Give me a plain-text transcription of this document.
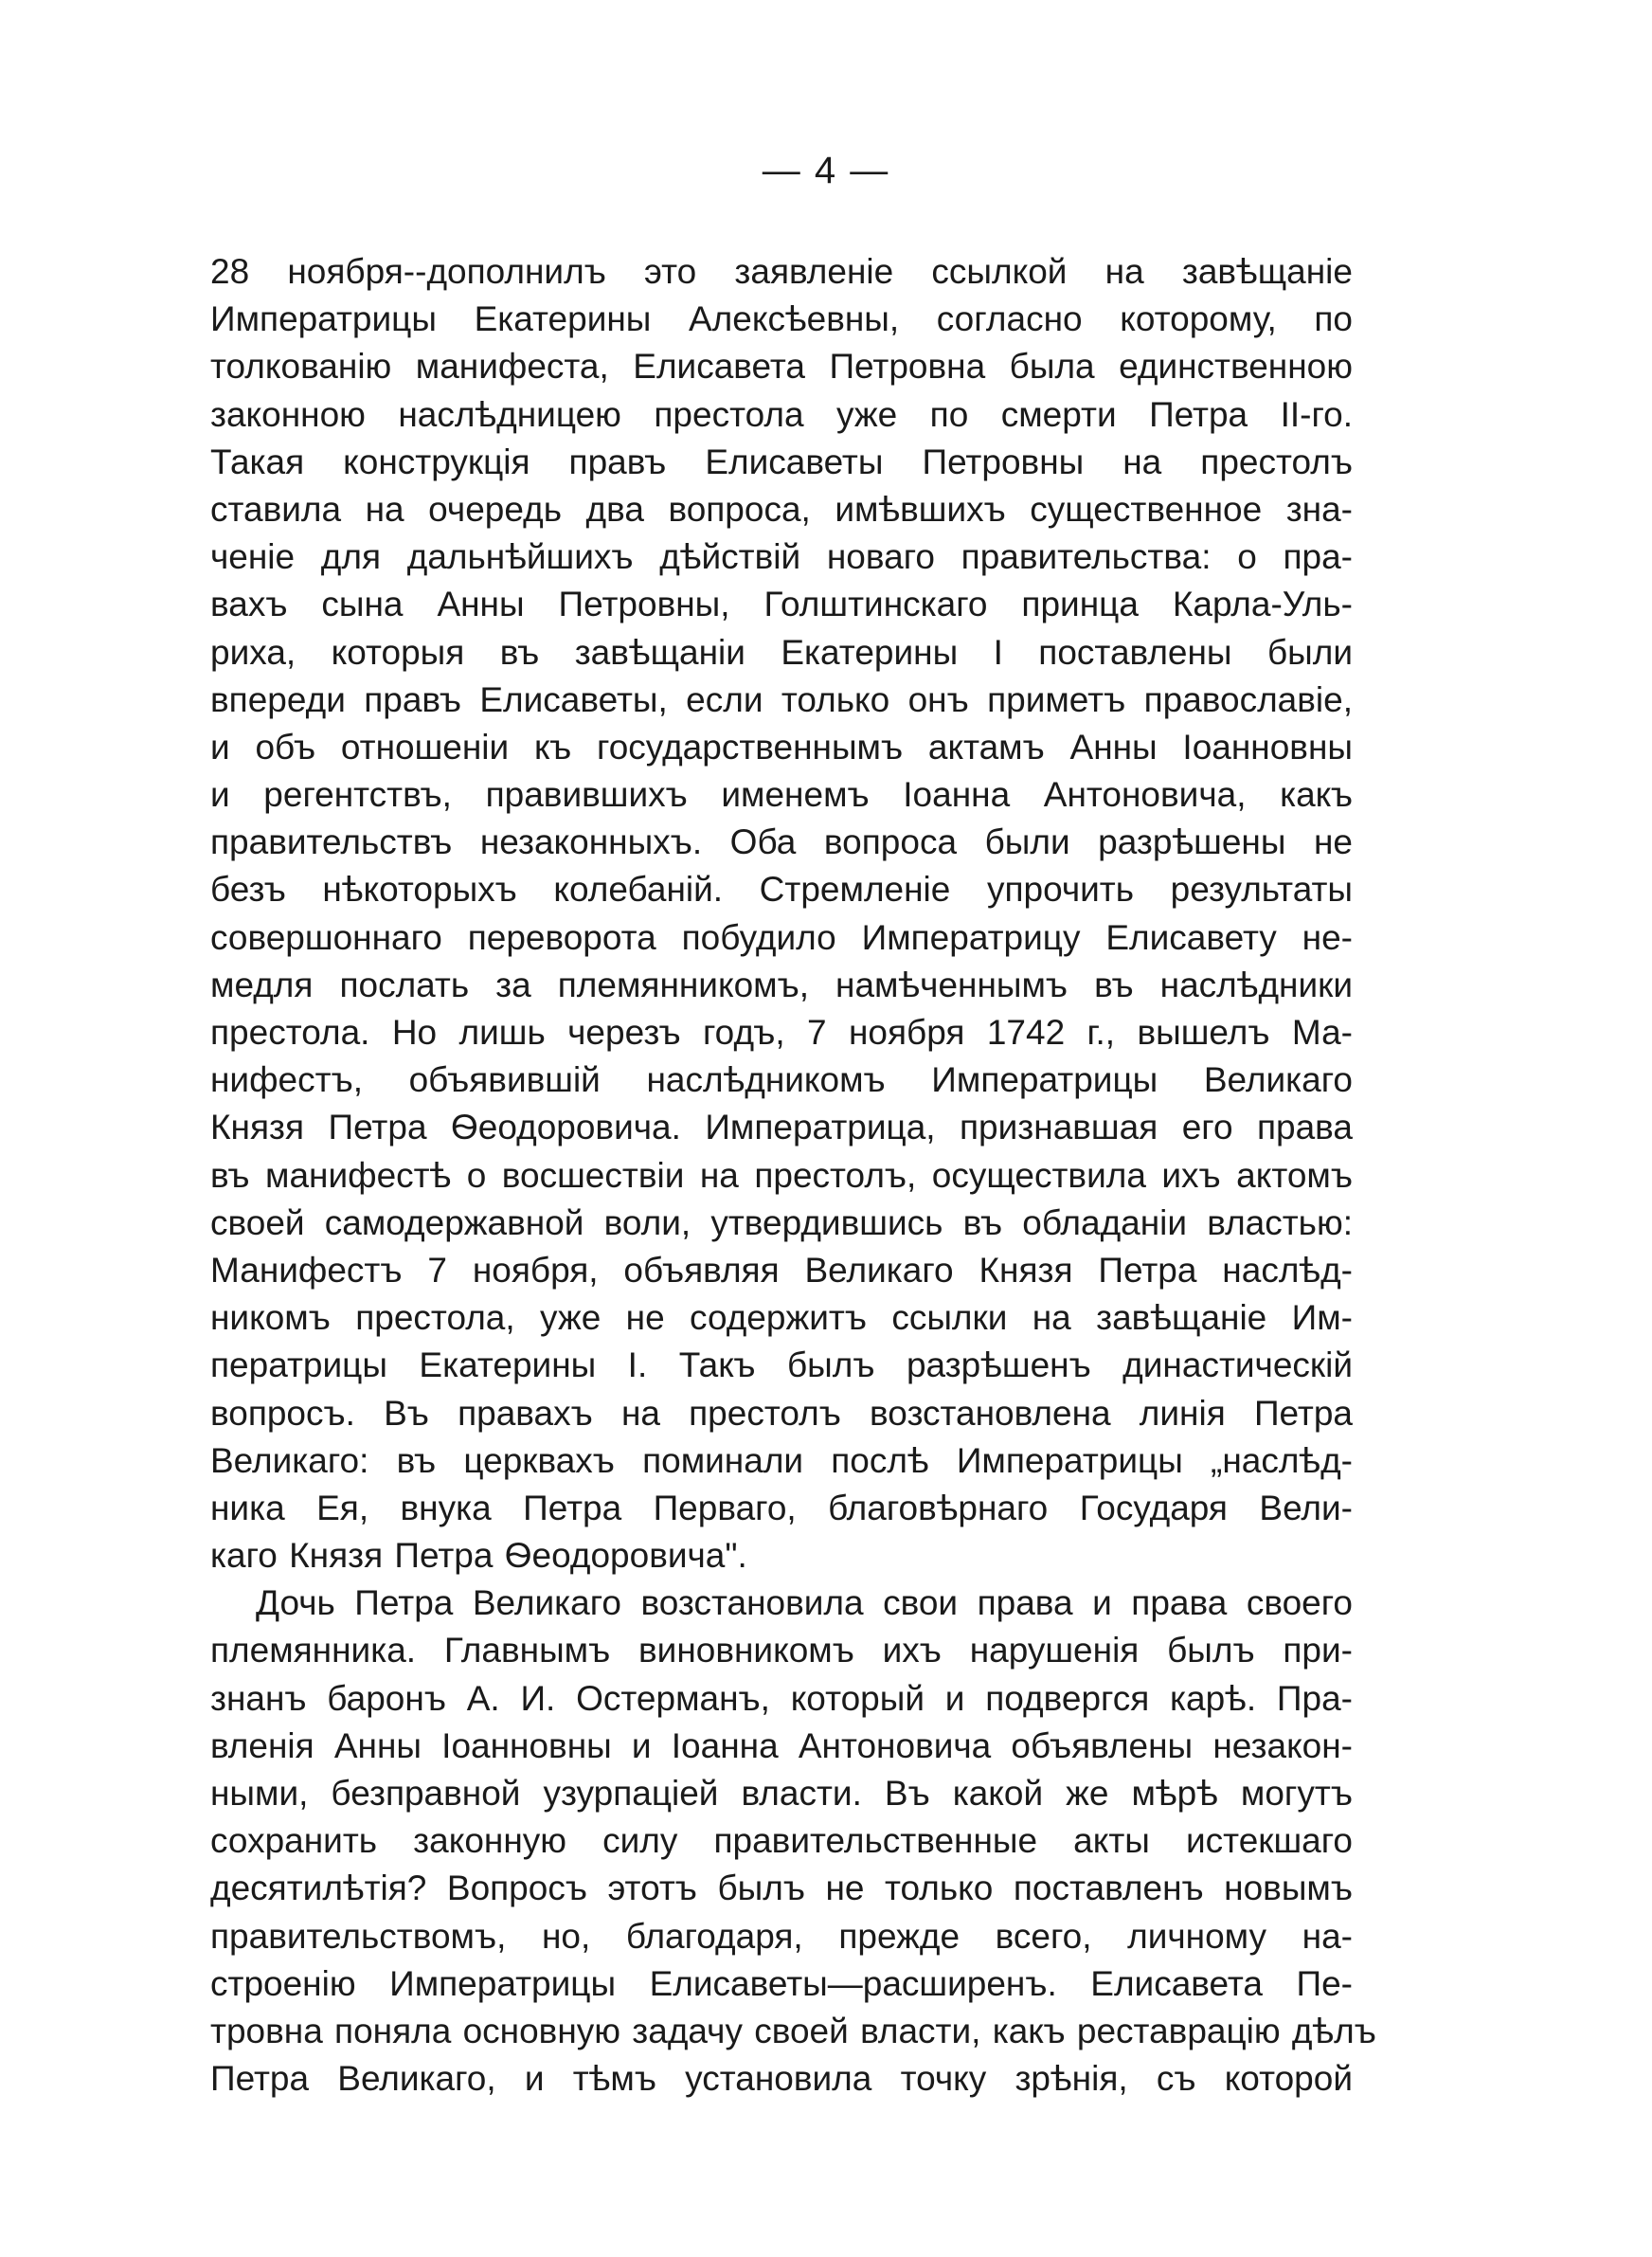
— 4 —
28 ноября--дополнилъ это заявленіе ссылкой на завѣщаніе
Императрицы Екатерины Алексѣевны, согласно которому, по
толкованію манифеста, Елисавета Петровна была единственною
законною наслѣдницею престола уже по смерти Петра II-го.
Такая конструкція правъ Елисаветы Петровны на престолъ
ставила на очередь два вопроса, имѣвшихъ существенное зна-
ченіе для дальнѣйшихъ дѣйствій новаго правительства: о пра-
вахъ сына Анны Петровны, Голштинскаго принца Карла-Уль-
риха, которыя въ завѣщаніи Екатерины I поставлены были
впереди правъ Елисаветы, если только онъ приметъ православіе,
и объ отношеніи къ государственнымъ актамъ Анны Іоанновны
и регентствъ, правившихъ именемъ Іоанна Антоновича, какъ
правительствъ незаконныхъ. Оба вопроса были разрѣшены не
безъ нѣкоторыхъ колебаній. Стремленіе упрочить результаты
совершоннаго переворота побудило Императрицу Елисавету не-
медля послать за племянникомъ, намѣченнымъ въ наслѣдники
престола. Но лишь черезъ годъ, 7 ноября 1742 г., вышелъ Ма-
нифестъ, объявившій наслѣдникомъ Императрицы Великаго
Князя Петра Ѳеодоровича. Императрица, признавшая его права
въ манифестѣ о восшествіи на престолъ, осуществила ихъ актомъ
своей самодержавной воли, утвердившись въ обладаніи властью:
Манифестъ 7 ноября, объявляя Великаго Князя Петра наслѣд-
никомъ престола, уже не содержитъ ссылки на завѣщаніе Им-
ператрицы Екатерины I. Такъ былъ разрѣшенъ династическій
вопросъ. Въ правахъ на престолъ возстановлена линія Петра
Великаго: въ церквахъ поминали послѣ Императрицы „наслѣд-
ника Ея, внука Петра Перваго, благовѣрнаго Государя Вели-
каго Князя Петра Ѳеодоровича".
Дочь Петра Великаго возстановила свои права и права своего
племянника. Главнымъ виновникомъ ихъ нарушенія былъ при-
знанъ баронъ А. И. Остерманъ, который и подвергся карѣ. Пра-
вленія Анны Іоанновны и Іоанна Антоновича объявлены незакон-
ными, безправной узурпаціей власти. Въ какой же мѣрѣ могутъ
сохранить законную силу правительственные акты истекшаго
десятилѣтія? Вопросъ этотъ былъ не только поставленъ новымъ
правительствомъ, но, благодаря, прежде всего, личному на-
строенію Императрицы Елисаветы—расширенъ. Елисавета Пе-
тровна поняла основную задачу своей власти, какъ реставрацію дѣлъ
Петра Великаго, и тѣмъ установила точку зрѣнія, съ которой
